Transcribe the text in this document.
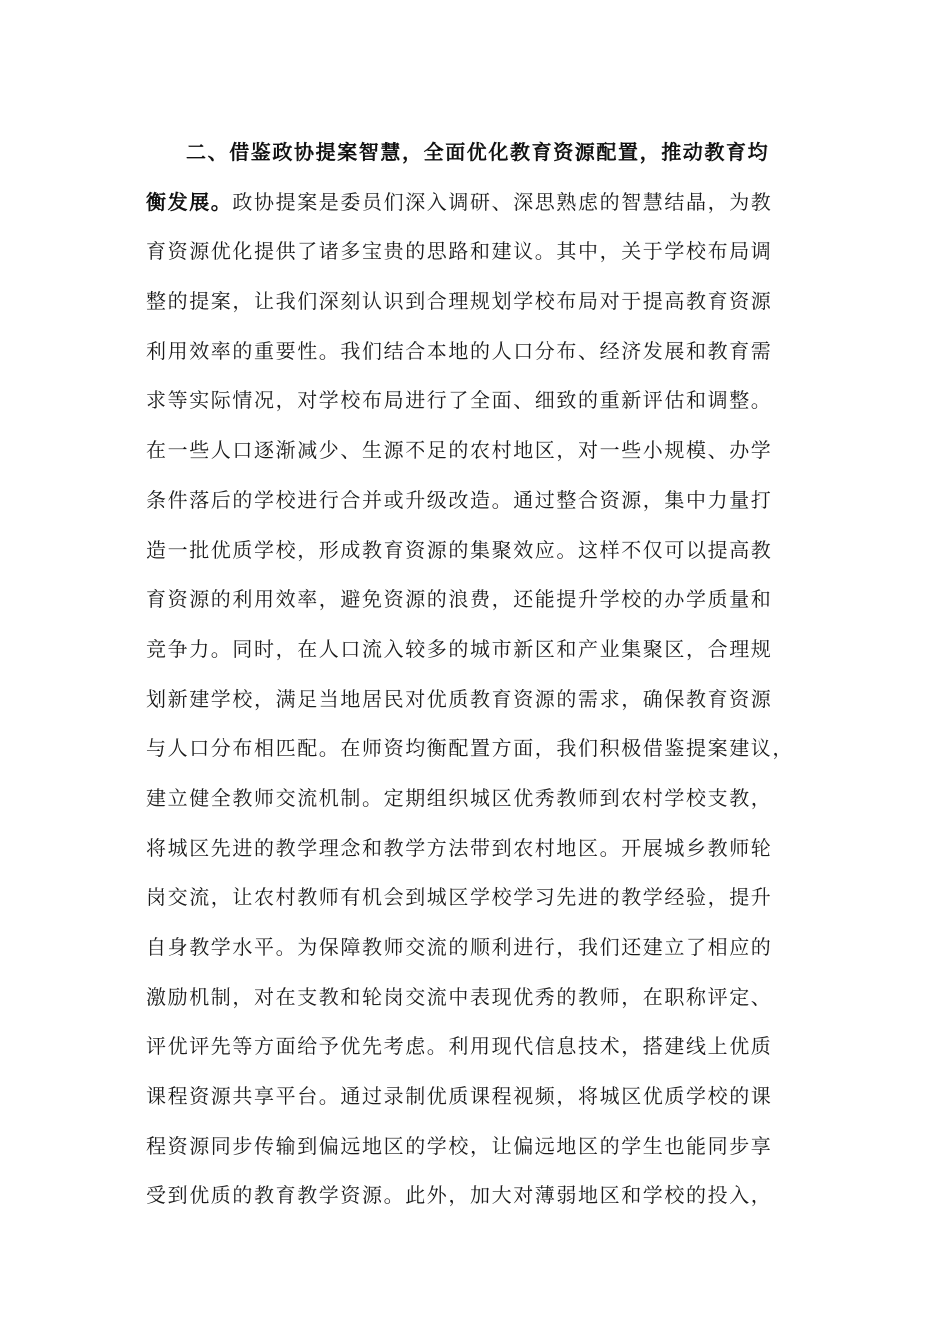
二、借鉴政协提案智慧，全面优化教育资源配置，推动教育均
衡发展。政协提案是委员们深入调研、深思熟虑的智慧结晶，为教
育资源优化提供了诸多宝贵的思路和建议。其中，关于学校布局调
整的提案，让我们深刻认识到合理规划学校布局对于提高教育资源
利用效率的重要性。我们结合本地的人口分布、经济发展和教育需
求等实际情况，对学校布局进行了全面、细致的重新评估和调整。
在一些人口逐渐减少、生源不足的农村地区，对一些小规模、办学
条件落后的学校进行合并或升级改造。通过整合资源，集中力量打
造一批优质学校，形成教育资源的集聚效应。这样不仅可以提高教
育资源的利用效率，避免资源的浪费，还能提升学校的办学质量和
竞争力。同时，在人口流入较多的城市新区和产业集聚区，合理规
划新建学校，满足当地居民对优质教育资源的需求，确保教育资源
与人口分布相匹配。在师资均衡配置方面，我们积极借鉴提案建议，
建立健全教师交流机制。定期组织城区优秀教师到农村学校支教，
将城区先进的教学理念和教学方法带到农村地区。开展城乡教师轮
岗交流，让农村教师有机会到城区学校学习先进的教学经验，提升
自身教学水平。为保障教师交流的顺利进行，我们还建立了相应的
激励机制，对在支教和轮岗交流中表现优秀的教师，在职称评定、
评优评先等方面给予优先考虑。利用现代信息技术，搭建线上优质
课程资源共享平台。通过录制优质课程视频，将城区优质学校的课
程资源同步传输到偏远地区的学校，让偏远地区的学生也能同步享
受到优质的教育教学资源。此外，加大对薄弱地区和学校的投入，
